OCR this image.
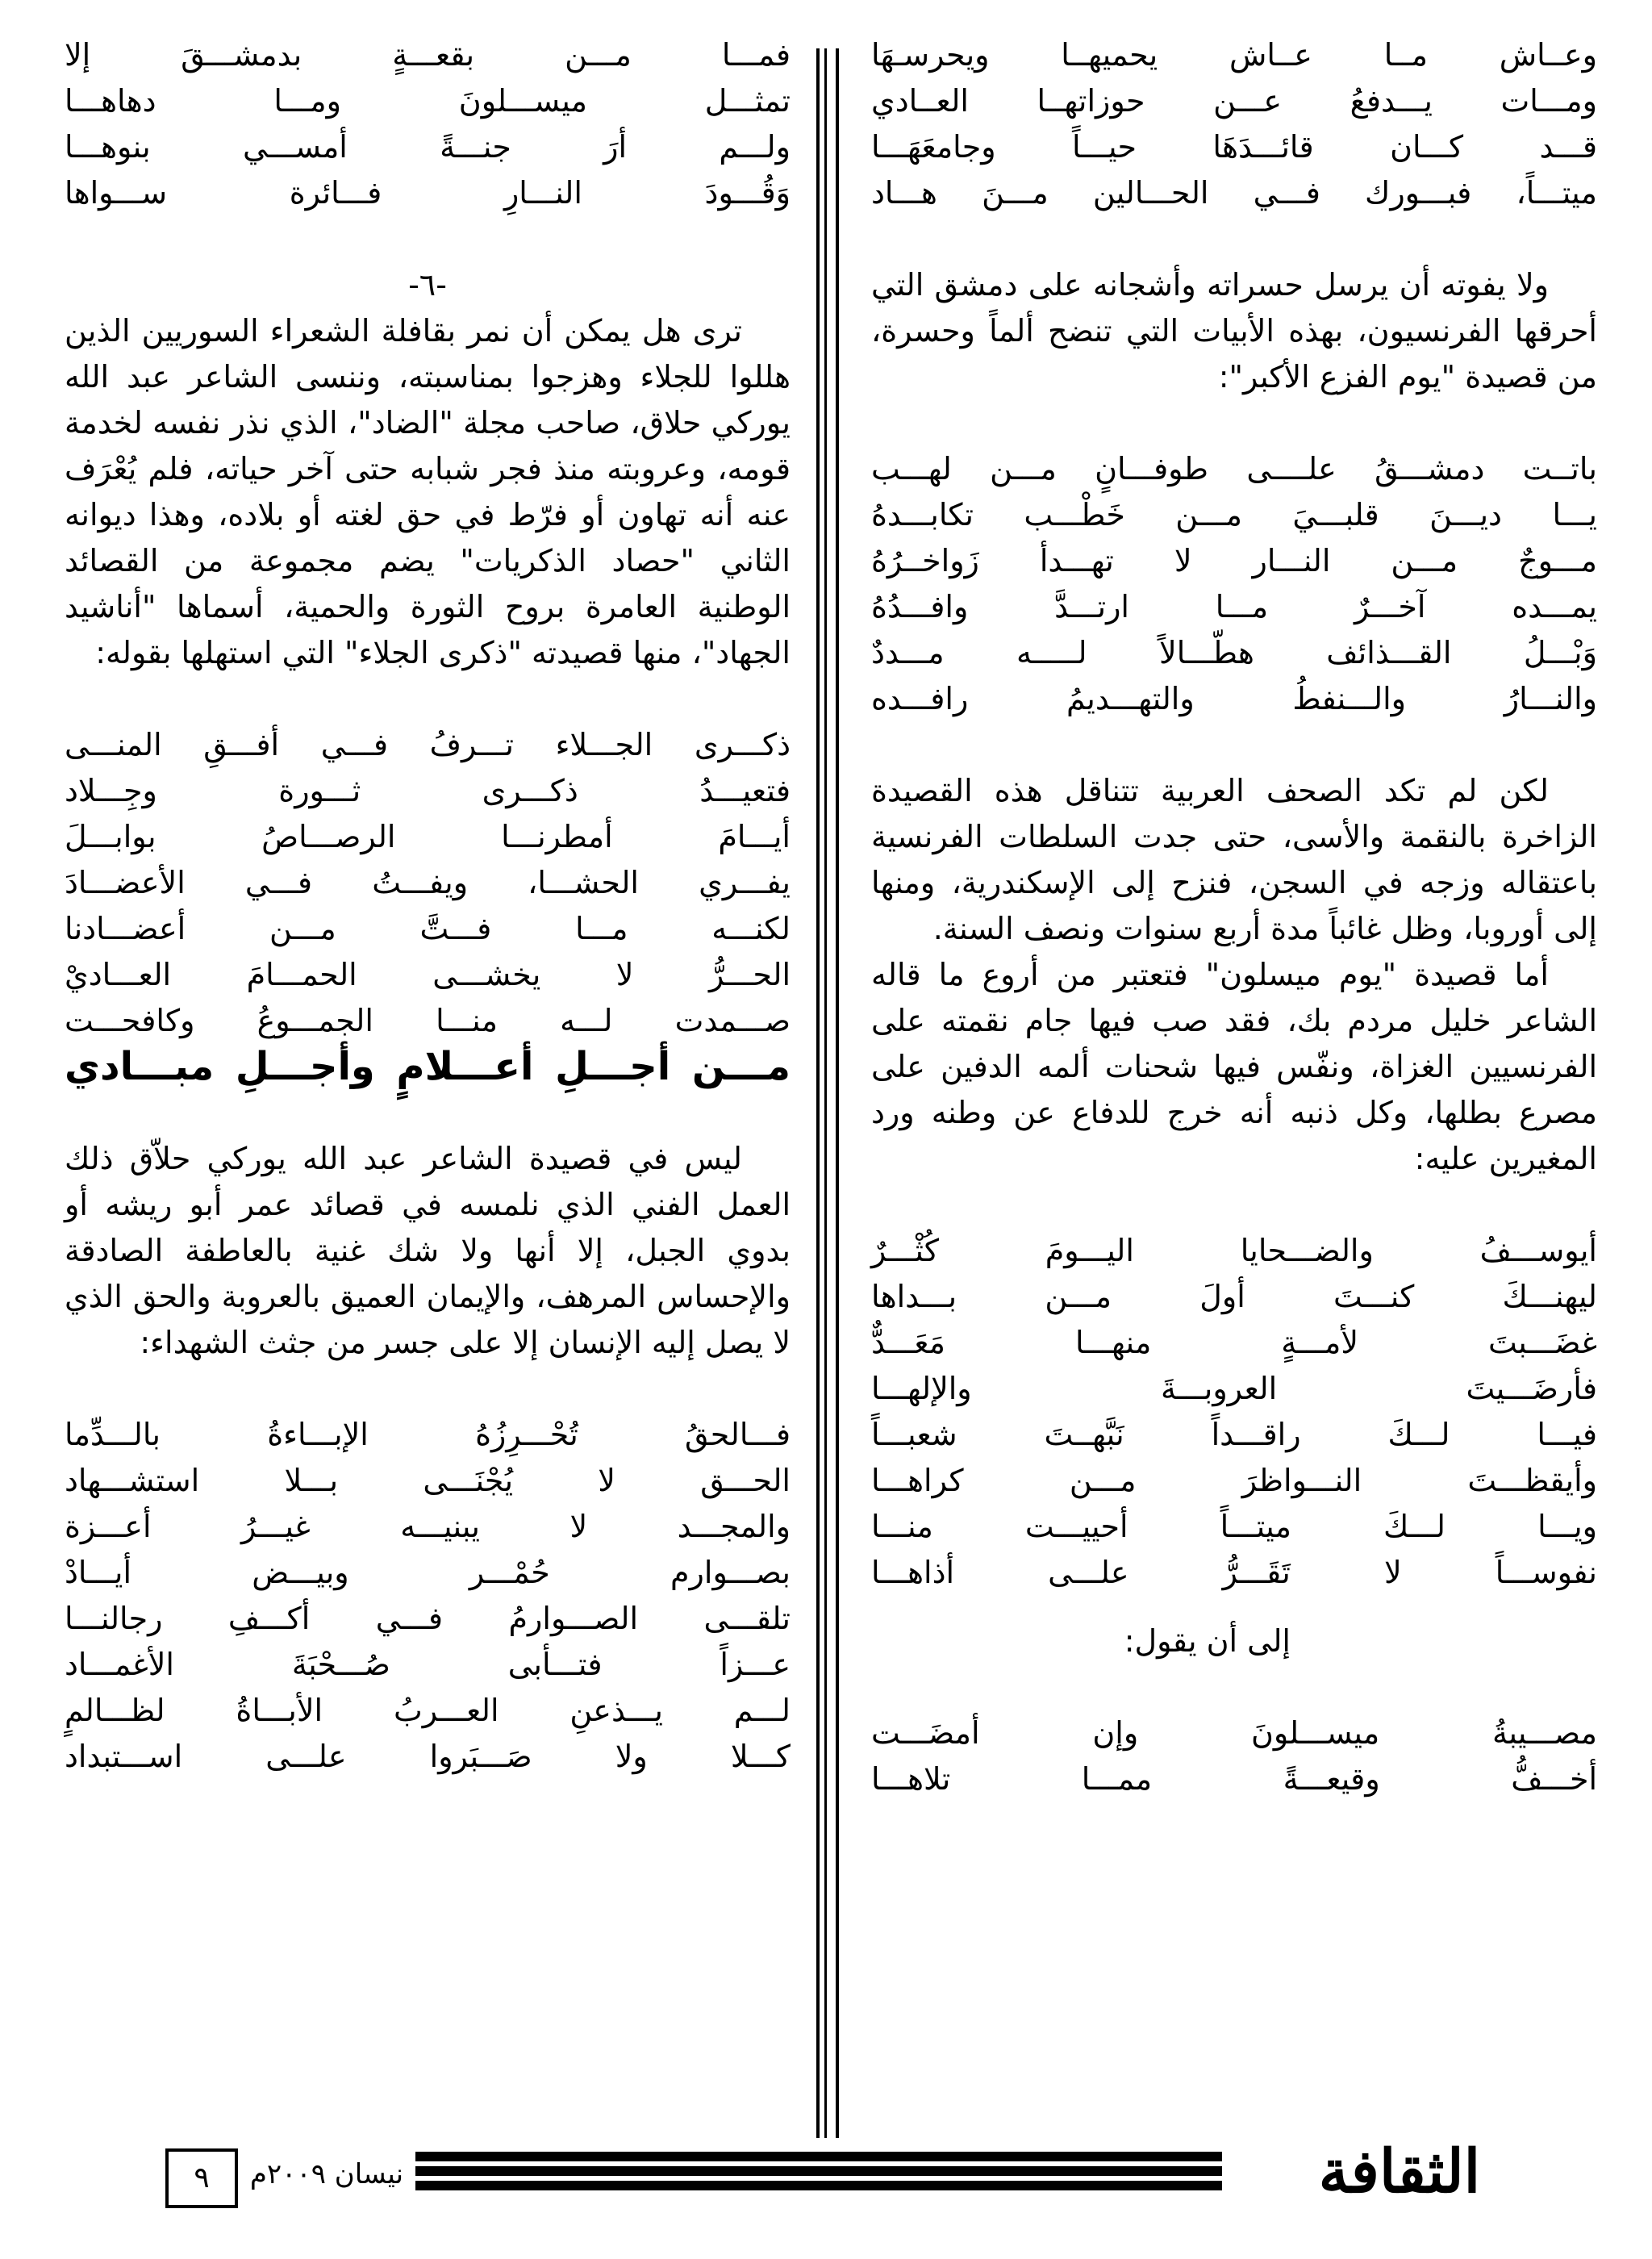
وعــاش مــا عــاش يحميهــا ويحرسـهَا

ومـــات يـــدفعُ عـــن حوزاتهــا العــادي

قـــد كـــان قائـــدَهَا حيـــاً وجامعَهَـــا

ميتـــاً، فبـــورك فـــي الحـــالين مـــنَ هـــاد

ولا يفوته أن يرسل حسراته وأشجانه على دمشق التي أحرقها الفرنسيون، بهذه الأبيات التي تنضح ألماً وحسرة، من قصيدة "يوم الفزع الأكبر":

باتــت دمشـــقُ علــــى طوفـــانٍ مـــن لهـــب

يـــا ديـــنَ قلبـــيَ مـــن خَطْـــب تكابـــدهُ

مـــوجٌ مـــن النـــار لا تهـــدأ زَواخــرُهُ

يمـــده آخـــرٌ مـــا ارتـــدَّ وافـــدُهُ

وَبْـــلُ القـــذائف هطّـــالاً لـــــه مـــددٌ

والنـــارُ والـــنفطُ والتهـــديمُ رافـــده

لكن لم تكد الصحف العربية تتناقل هذه القصيدة الزاخرة بالنقمة والأسى، حتى جدت السلطات الفرنسية باعتقاله وزجه في السجن، فنزح إلى الإسكندرية، ومنها إلى أوروبا، وظل غائباً مدة أربع سنوات ونصف السنة.

أما قصيدة "يوم ميسلون" فتعتبر من أروع ما قاله الشاعر خليل مردم بك، فقد صب فيها جام نقمته على الفرنسيين الغزاة، ونفّس فيها شحنات ألمه الدفين على مصرع بطلها، وكل ذنبه أنه خرج للدفاع عن وطنه ورد المغيرين عليه:

أيوســـفُ والضـــحايا اليـــومَ كُثْـــرٌ

ليهنـــكَ كنـــتَ أولَ مـــن بـــداها

غضَـــبتَ لأمـــةٍ منهـــا مَعَـــدٌّ

فأرضَـــيتَ العروبـــةَ والإلهـــا

فيـــا لـــكَ راقـــداً نَبَّهــتَ شعبـــاً

وأيقظـــتَ النـــواظرَ مـــن كراهـــا

ويـــا لـــكَ ميتـــاً أحييـــت منـــا

نفوســـاً لا تَقَـــرُّ علـــى أذاهـــا

إلى أن يقول:

مصـــيبةُ ميســـلونَ وإن أمضَـــت

أخـــفُّ وقيعـــةً ممـــا تلاهـــا

فمـــا مـــن بقعـــةٍ بدمشـــقَ إلا

تمثـــل ميســـلونَ ومـــا دهاهـــا

ولـــم أرَ جنـــةً أمســـي بنوهـــا

وَقُـــودَ النـــارِ فـــائرة ســـواها

-٦-

ترى هل يمكن أن نمر بقافلة الشعراء السوريين الذين هللوا للجلاء وهزجوا بمناسبته، وننسى الشاعر عبد الله يوركي حلاق، صاحب مجلة "الضاد"، الذي نذر نفسه لخدمة قومه، وعروبته منذ فجر شبابه حتى آخر حياته، فلم يُعْرَف عنه أنه تهاون أو فرّط في حق لغته أو بلاده، وهذا ديوانه الثاني "حصاد الذكريات" يضم مجموعة من القصائد الوطنية العامرة بروح الثورة والحمية، أسماها "أناشيد الجهاد"، منها قصيدته "ذكرى الجلاء" التي استهلها بقوله:

ذكـــرى الجـــلاء تـــرفُ فـــي أفـــقِ المنـــى

فتعيـــدُ ذكـــرى ثـــورة وجِـــلاد

أيـــامَ أمطرنـــا الرصـــاصُ بوابـــلَ

يفـــري الحشـــا، ويفـــتُ فـــي الأعضـــادَ

لكنـــه مـــا فـــتَّ مـــن أعضـــادنا

الحـــرُّ لا يخشـــى الحمـــامَ العـــاديْ

صـــمدت لـــه منـــا الجمـــوعُ وكافحـــت

مـــن أجـــلِ أعـــلامٍ وأجـــلِ مبـــادي

ليس في قصيدة الشاعر عبد الله يوركي حلاّق ذلك العمل الفني الذي نلمسه في قصائد عمر أبو ريشه أو بدوي الجبل، إلا أنها ولا شك غنية بالعاطفة الصادقة والإحساس المرهف، والإيمان العميق بالعروبة والحق الذي لا يصل إليه الإنسان إلا على جسر من جثث الشهداء:

فـــالحقُ تُحْـــرِزُهُ الإبـــاءةُ بالـــدِّما

الحـــق لا يُجْنَـــى بـــلا استشـــهاد

والمجـــد لا يبنيـــه غيـــرُ أعـــزة

بصـــوارم حُمْـــر وبيـــض أيـــادْ

تلقـــى الصـــوارمُ فـــي أكـــفِ رجالنـــا

عـــزاً فتـــأبى صُـــحْبَةَ الأغمـــاد

لـــم يـــذعنِ العـــربُ الأبـــاةُ لظـــالمٍ

كـــلا ولا صَـــبَروا علـــى اســـتبداد

٩	نيسان ٢٠٠٩م	الثقافة
